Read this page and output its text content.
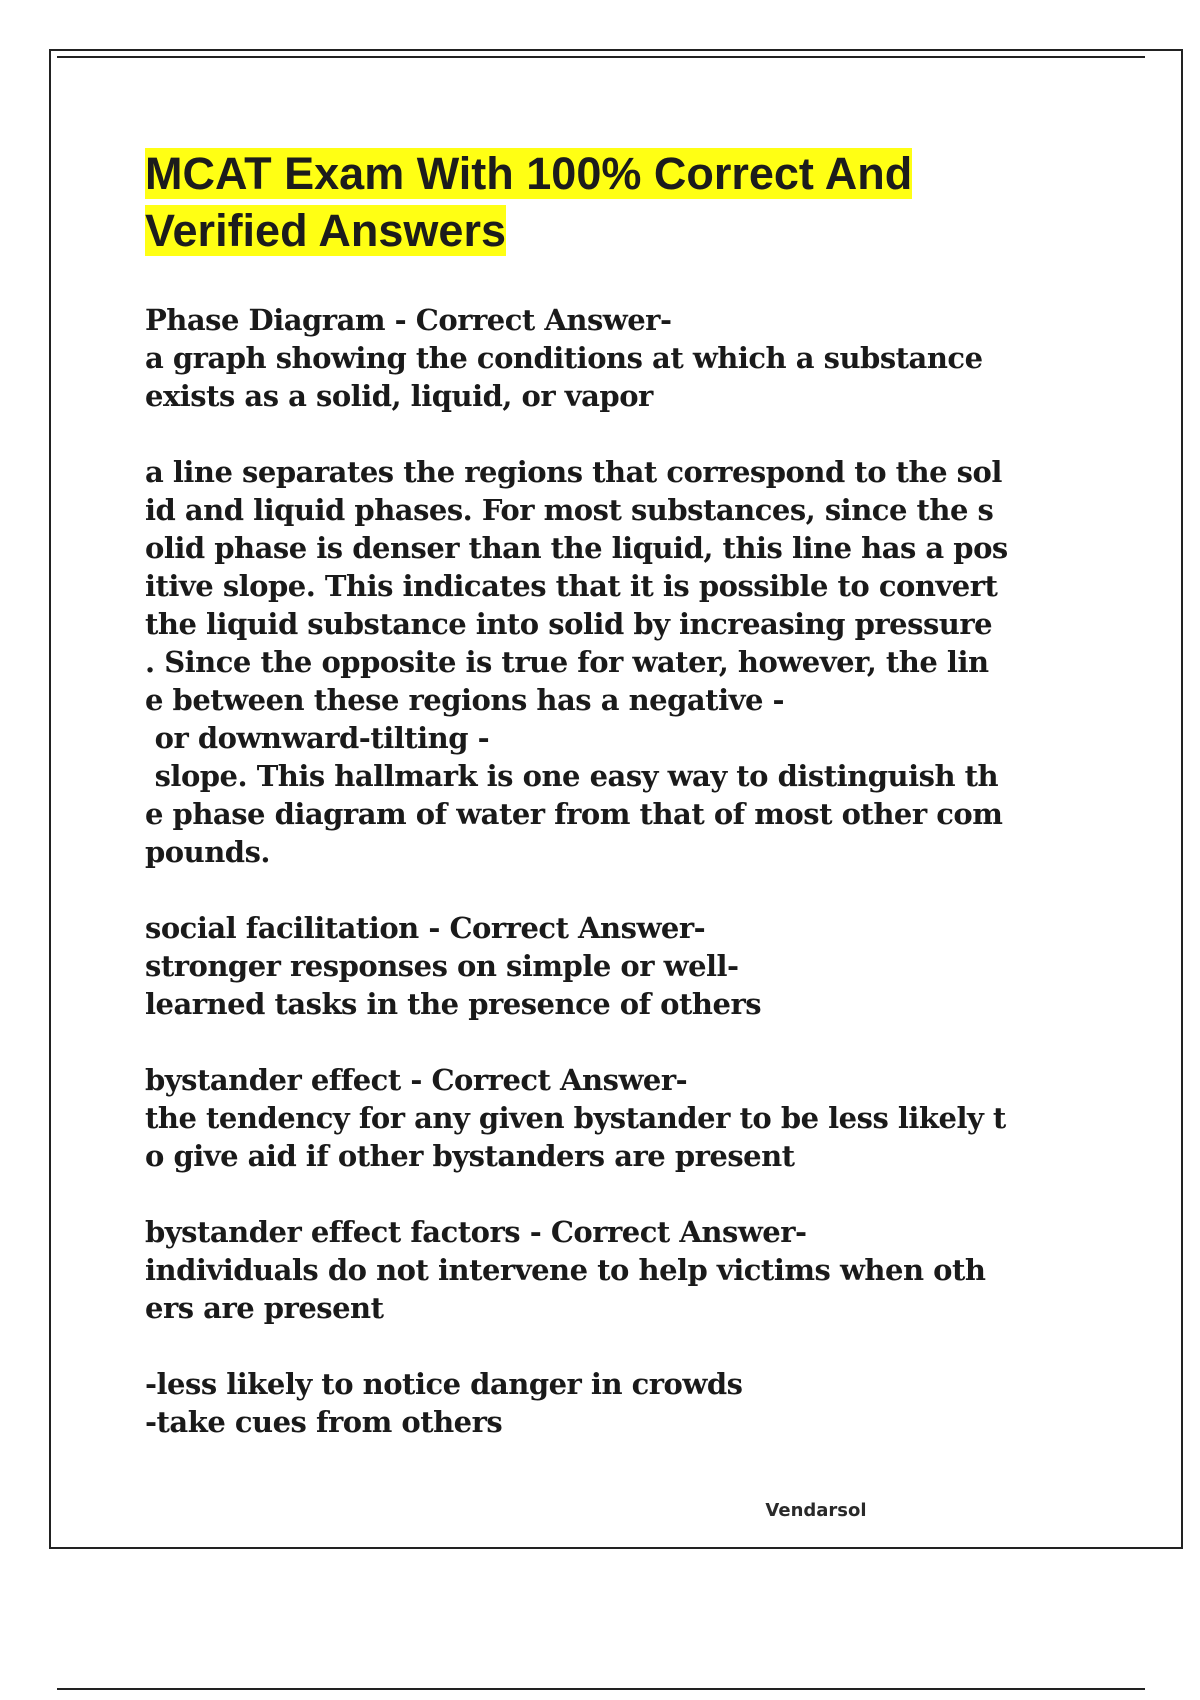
MCAT Exam With 100% Correct And
Verified Answers
Phase Diagram - Correct Answer-
a graph showing the conditions at which a substance
exists as a solid, liquid, or vapor
a line separates the regions that correspond to the sol
id and liquid phases. For most substances, since the s
olid phase is denser than the liquid, this line has a pos
itive slope. This indicates that it is possible to convert
the liquid substance into solid by increasing pressure
. Since the opposite is true for water, however, the lin
e between these regions has a negative -
or downward-tilting -
slope. This hallmark is one easy way to distinguish th
e phase diagram of water from that of most other com
pounds.
social facilitation - Correct Answer-
stronger responses on simple or well-
learned tasks in the presence of others
bystander effect - Correct Answer-
the tendency for any given bystander to be less likely t
o give aid if other bystanders are present
bystander effect factors - Correct Answer-
individuals do not intervene to help victims when oth
ers are present
-less likely to notice danger in crowds
-take cues from others
Vendarsol
